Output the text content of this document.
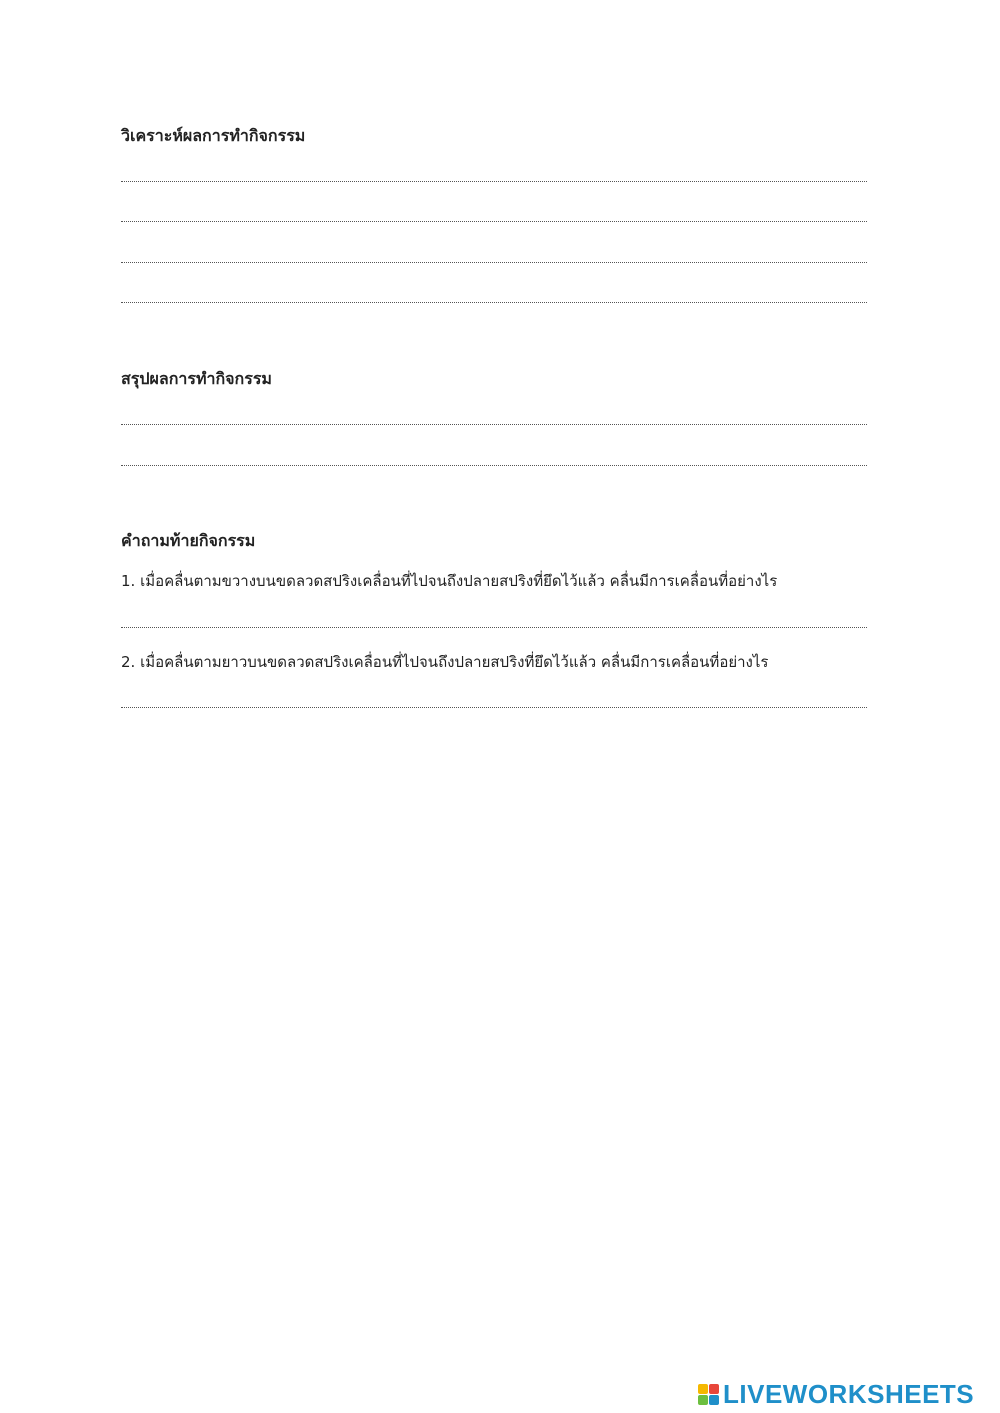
วิเคราะห์ผลการทำกิจกรรม
สรุปผลการทำกิจกรรม
คำถามท้ายกิจกรรม
1. เมื่อคลื่นตามขวางบนขดลวดสปริงเคลื่อนที่ไปจนถึงปลายสปริงที่ยึดไว้แล้ว คลื่นมีการเคลื่อนที่อย่างไร
2. เมื่อคลื่นตามยาวบนขดลวดสปริงเคลื่อนที่ไปจนถึงปลายสปริงที่ยึดไว้แล้ว คลื่นมีการเคลื่อนที่อย่างไร
LIVEWORKSHEETS
